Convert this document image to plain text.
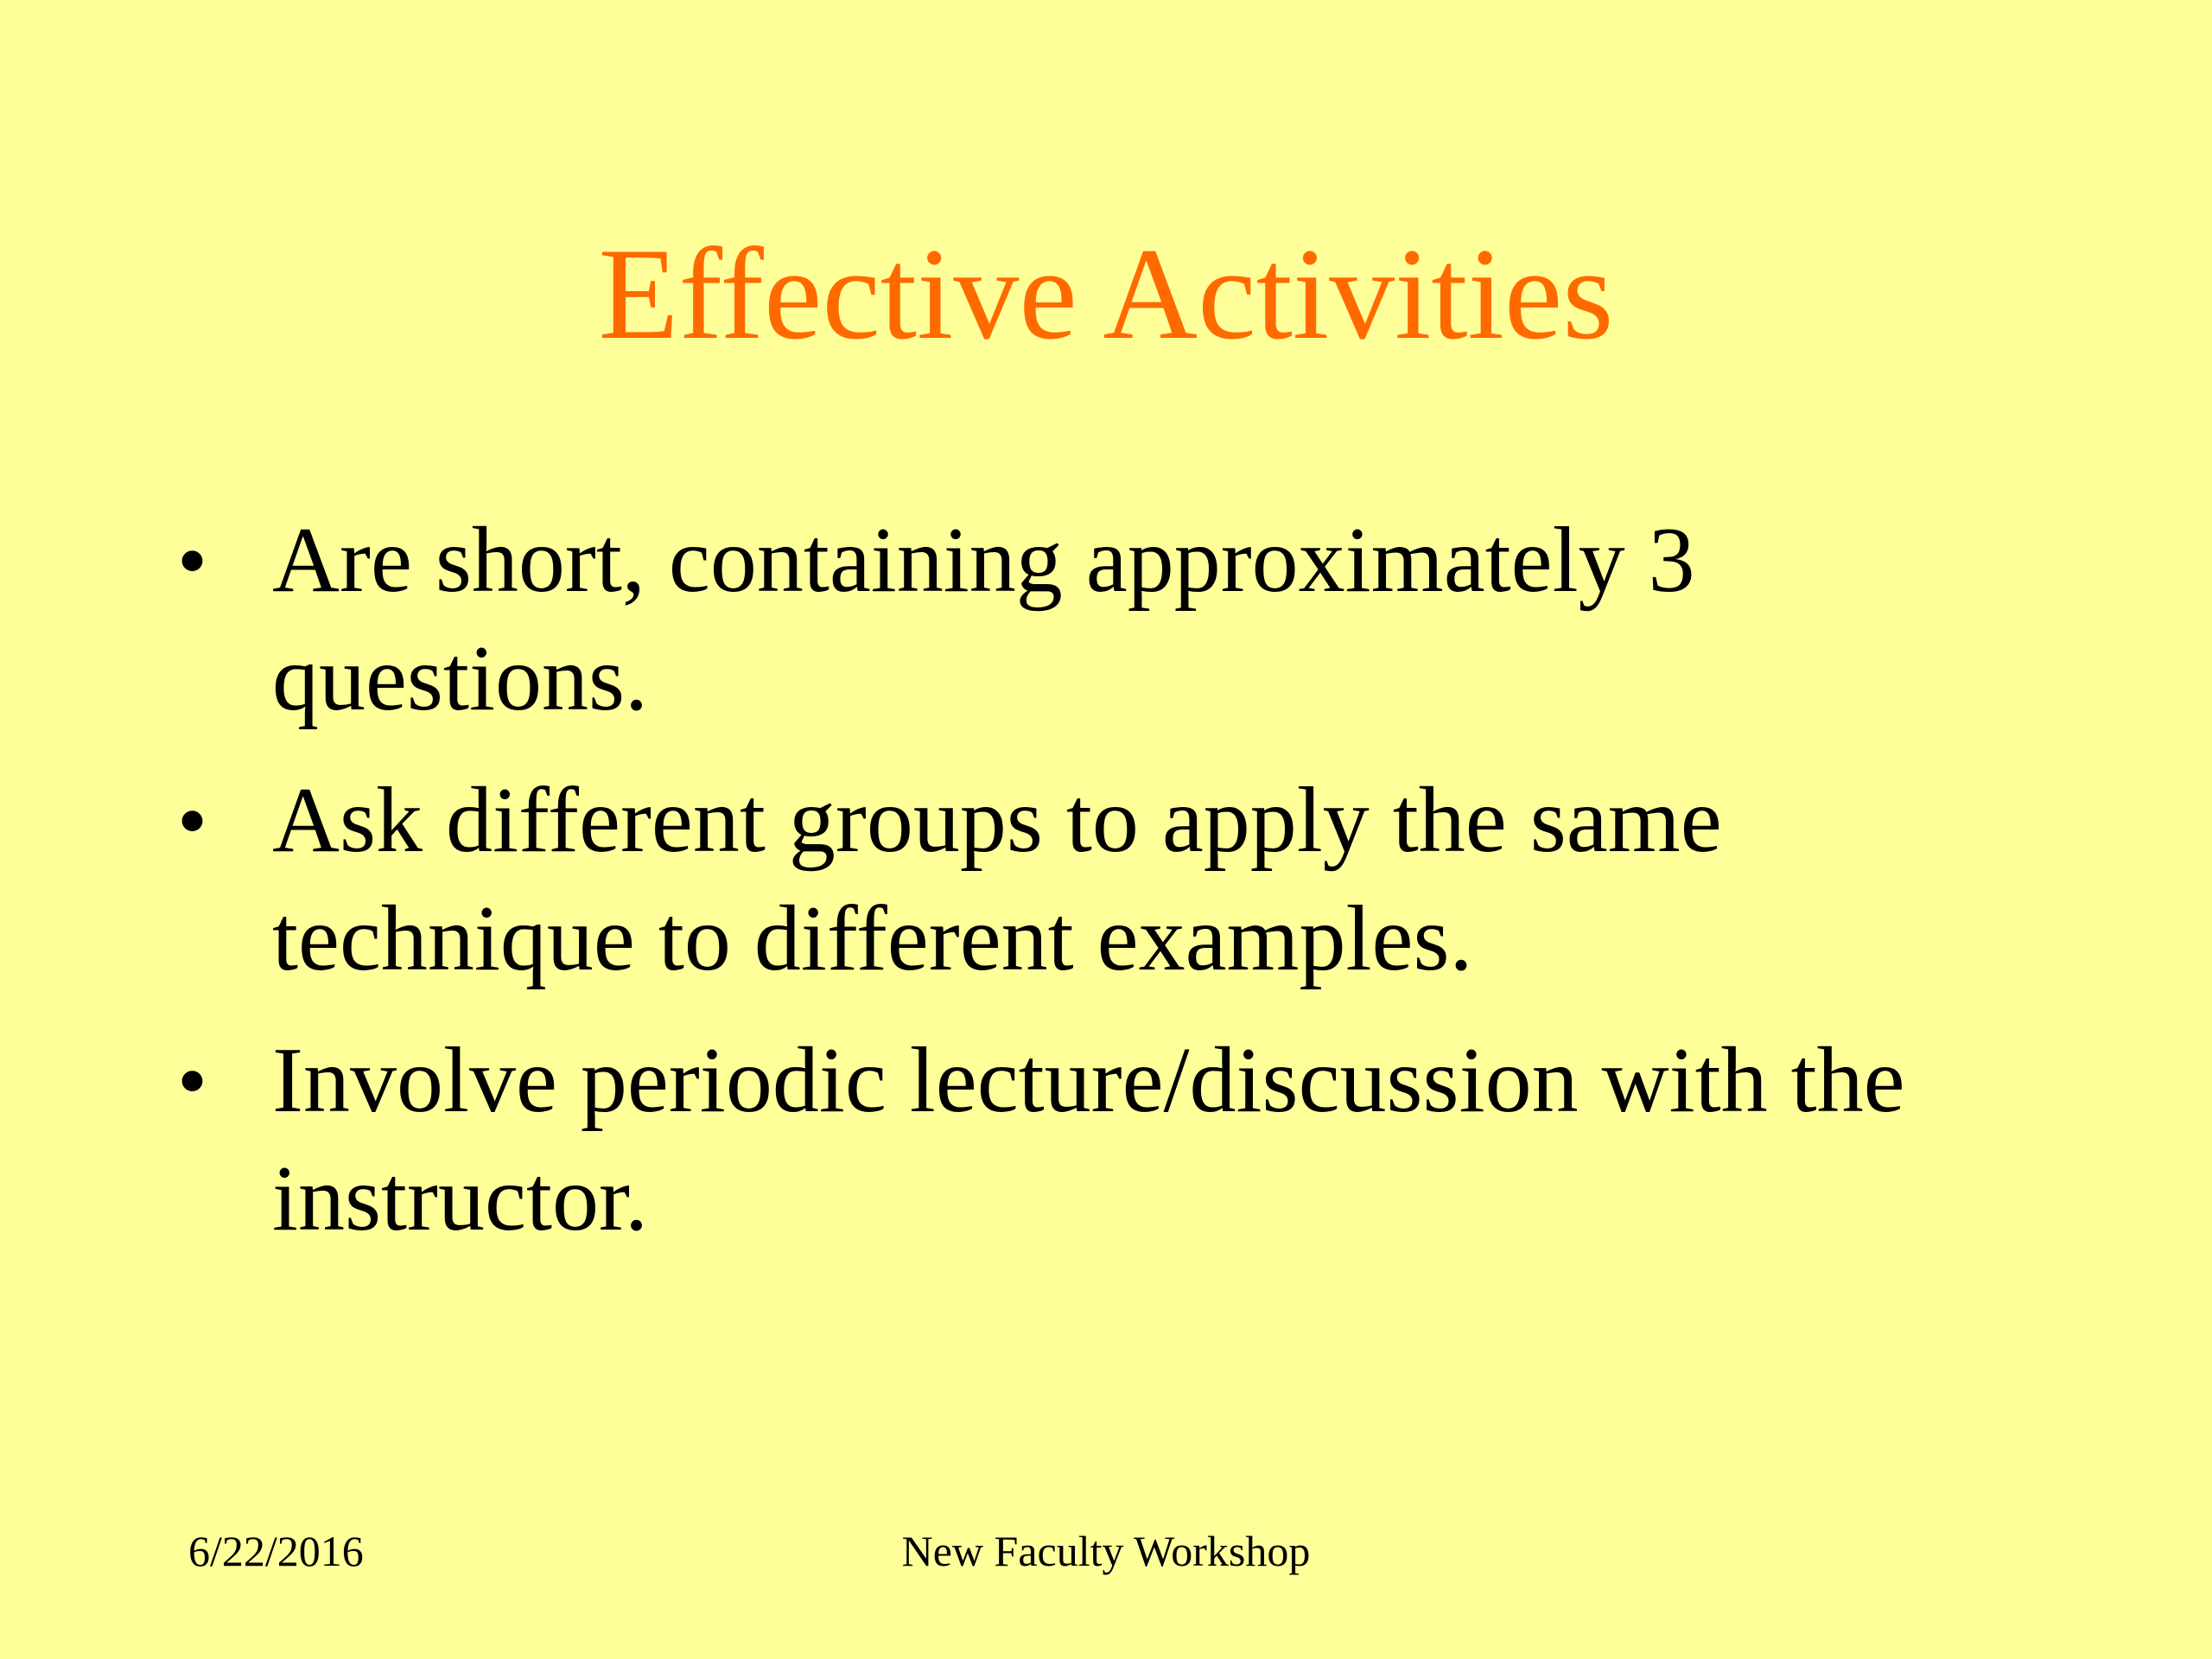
Effective Activities
• Are short, containing approximately 3 questions.
• Ask different groups to apply the same technique to different examples.
• Involve periodic lecture/discussion with the instructor.
6/22/2016	New Faculty Workshop
